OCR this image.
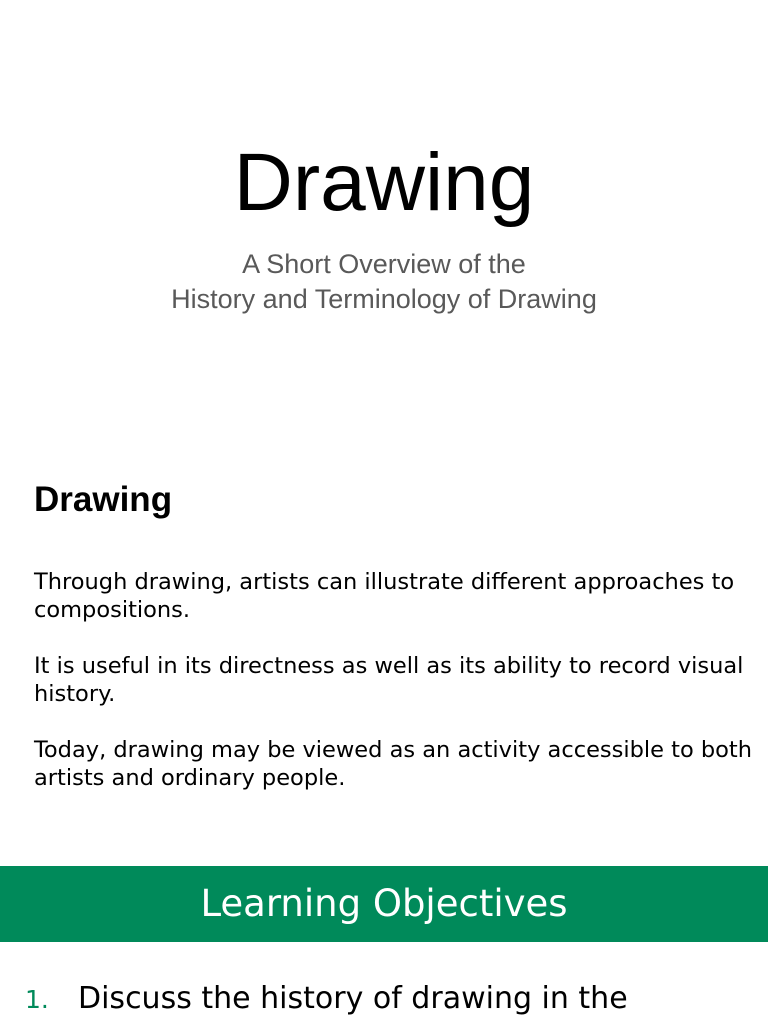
Drawing
A Short Overview of the
History and Terminology of Drawing
Drawing

Through drawing, artists can illustrate different approaches to compositions.

It is useful in its directness as well as its ability to record visual history.

Today, drawing may be viewed as an activity accessible to both artists and ordinary people.

Learning Objectives
1. Discuss the history of drawing in the
